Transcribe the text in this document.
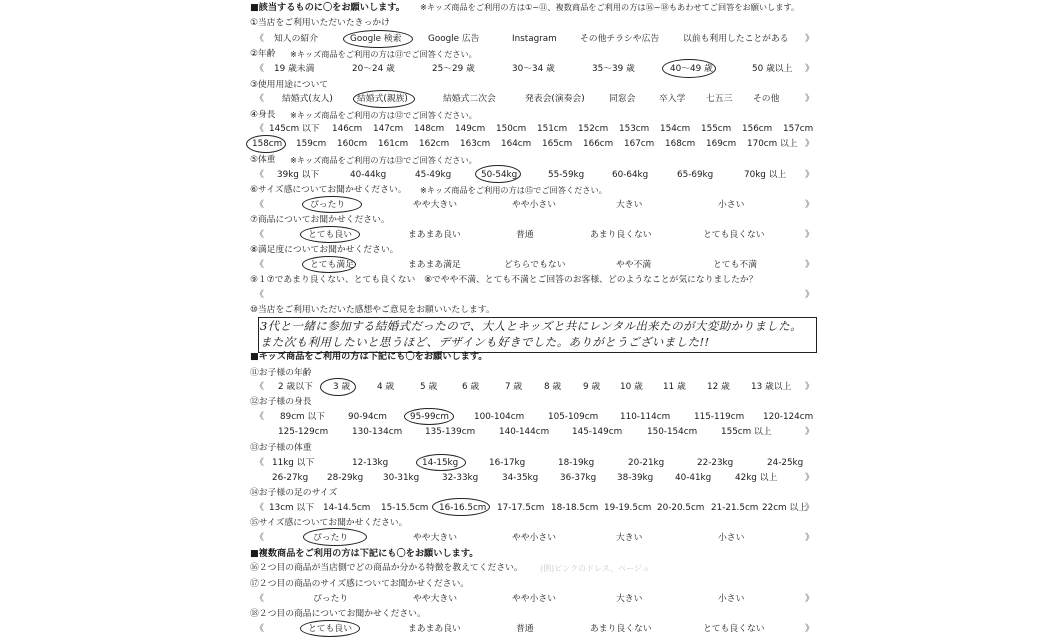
■該当するものに〇をお願いします。 ※キッズ商品をご利用の方は①~⑪、複数商品をご利用の方は⑯~⑱もあわせてご回答をお願いします。
①当店をご利用いただいたきっかけ
《 知人の紹介	Google 検索	Google 広告	Instagram	その他チラシや広告	以前も利用したことがある 》
②年齢 ※キッズ商品をご利用の方は⑪でご回答ください。
《 19 歳未満	20～24 歳	25～29 歳	30～34 歳	35～39 歳	40～49 歳	50 歳以上 》
③使用用途について
《 結婚式(友人)	結婚式(親族)	結婚式二次会	発表会(演奏会)	同窓会	卒入学 七五三 その他	》
④身長 ※キッズ商品をご利用の方は⑫でご回答ください。
《 145cm 以下 146cm 147cm 148cm 149cm 150cm 151cm 152cm 153cm 154cm 155cm 156cm 157cm
158cm 159cm 160cm 161cm 162cm 163cm 164cm 165cm 166cm 167cm 168cm 169cm 170cm 以上 》
⑤体重 ※キッズ商品をご利用の方は⑬でご回答ください。
《 39kg 以下	40-44kg	45-49kg	50-54kg	55-59kg	60-64kg	65-69kg	70kg 以上 》
⑥サイズ感についてお聞かせください。 ※キッズ商品をご利用の方は⑮でご回答ください。
《	ぴったり	やや大きい	やや小さい	大きい	小さい	》
⑦商品についてお聞かせください。
《	とても良い	まあまあ良い	普通	あまり良くない	とても良くない	》
⑧満足度についてお聞かせください。
《	とても満足	まあまあ満足	どちらでもない	やや不満	とても不満	》
⑨１⑦であまり良くない、とても良くない　⑧でやや不満、とても不満とご回答のお客様、どのようなことが気になりましたか？
《	》
⑩当店をご利用いただいた感想やご意見をお願いいたします。
3代と一緒に参加する結婚式だったので、大人とキッズと共にレンタル出来たのが大変助かりました。
また次も利用したいと思うほど、デザインも好きでした。ありがとうございました!!
■キッズ商品をご利用の方は下記にも〇をお願いします。
⑪お子様の年齢
《 2 歳以下 3 歳	4 歳	5 歳	6 歳	7 歳 8 歳 9 歳 10 歳 11 歳 12 歳 13 歳以上 》
⑫お子様の身長
《 89cm 以下	90-94cm	95-99cm	100-104cm	105-109cm 110-114cm	115-119cm 120-124cm
125-129cm	130-134cm	135-139cm	140-144cm	145-149cm	150-154cm	155cm 以上	》
⑬お子様の体重
《 11kg 以下	12-13kg	14-15kg	16-17kg	18-19kg	20-21kg	22-23kg	24-25kg
26-27kg 28-29kg 30-31kg	32-33kg	34-35kg 36-37kg 38-39kg 40-41kg	42kg 以上	》
⑭お子様の足のサイズ
《 13cm 以下 14-14.5cm 15-15.5cm 16-16.5cm 17-17.5cm 18-18.5cm 19-19.5cm 20-20.5cm 21-21.5cm 22cm 以上
》
⑮サイズ感についてお聞かせください。
《	ぴったり	やや大きい	やや小さい	大きい	小さい	》
■複数商品をご利用の方は下記にも〇をお願いします。
⑯２つ目の商品が当店側でどの商品か分かる特徴を教えてください。 (例)ピンクのドレス、ベージュ
⑰２つ目の商品のサイズ感についてお聞かせください。
《	ぴったり	やや大きい	やや小さい	大きい	小さい	》
⑱２つ目の商品についてお聞かせください。
《	とても良い	まあまあ良い	普通	あまり良くない	とても良くない	》
